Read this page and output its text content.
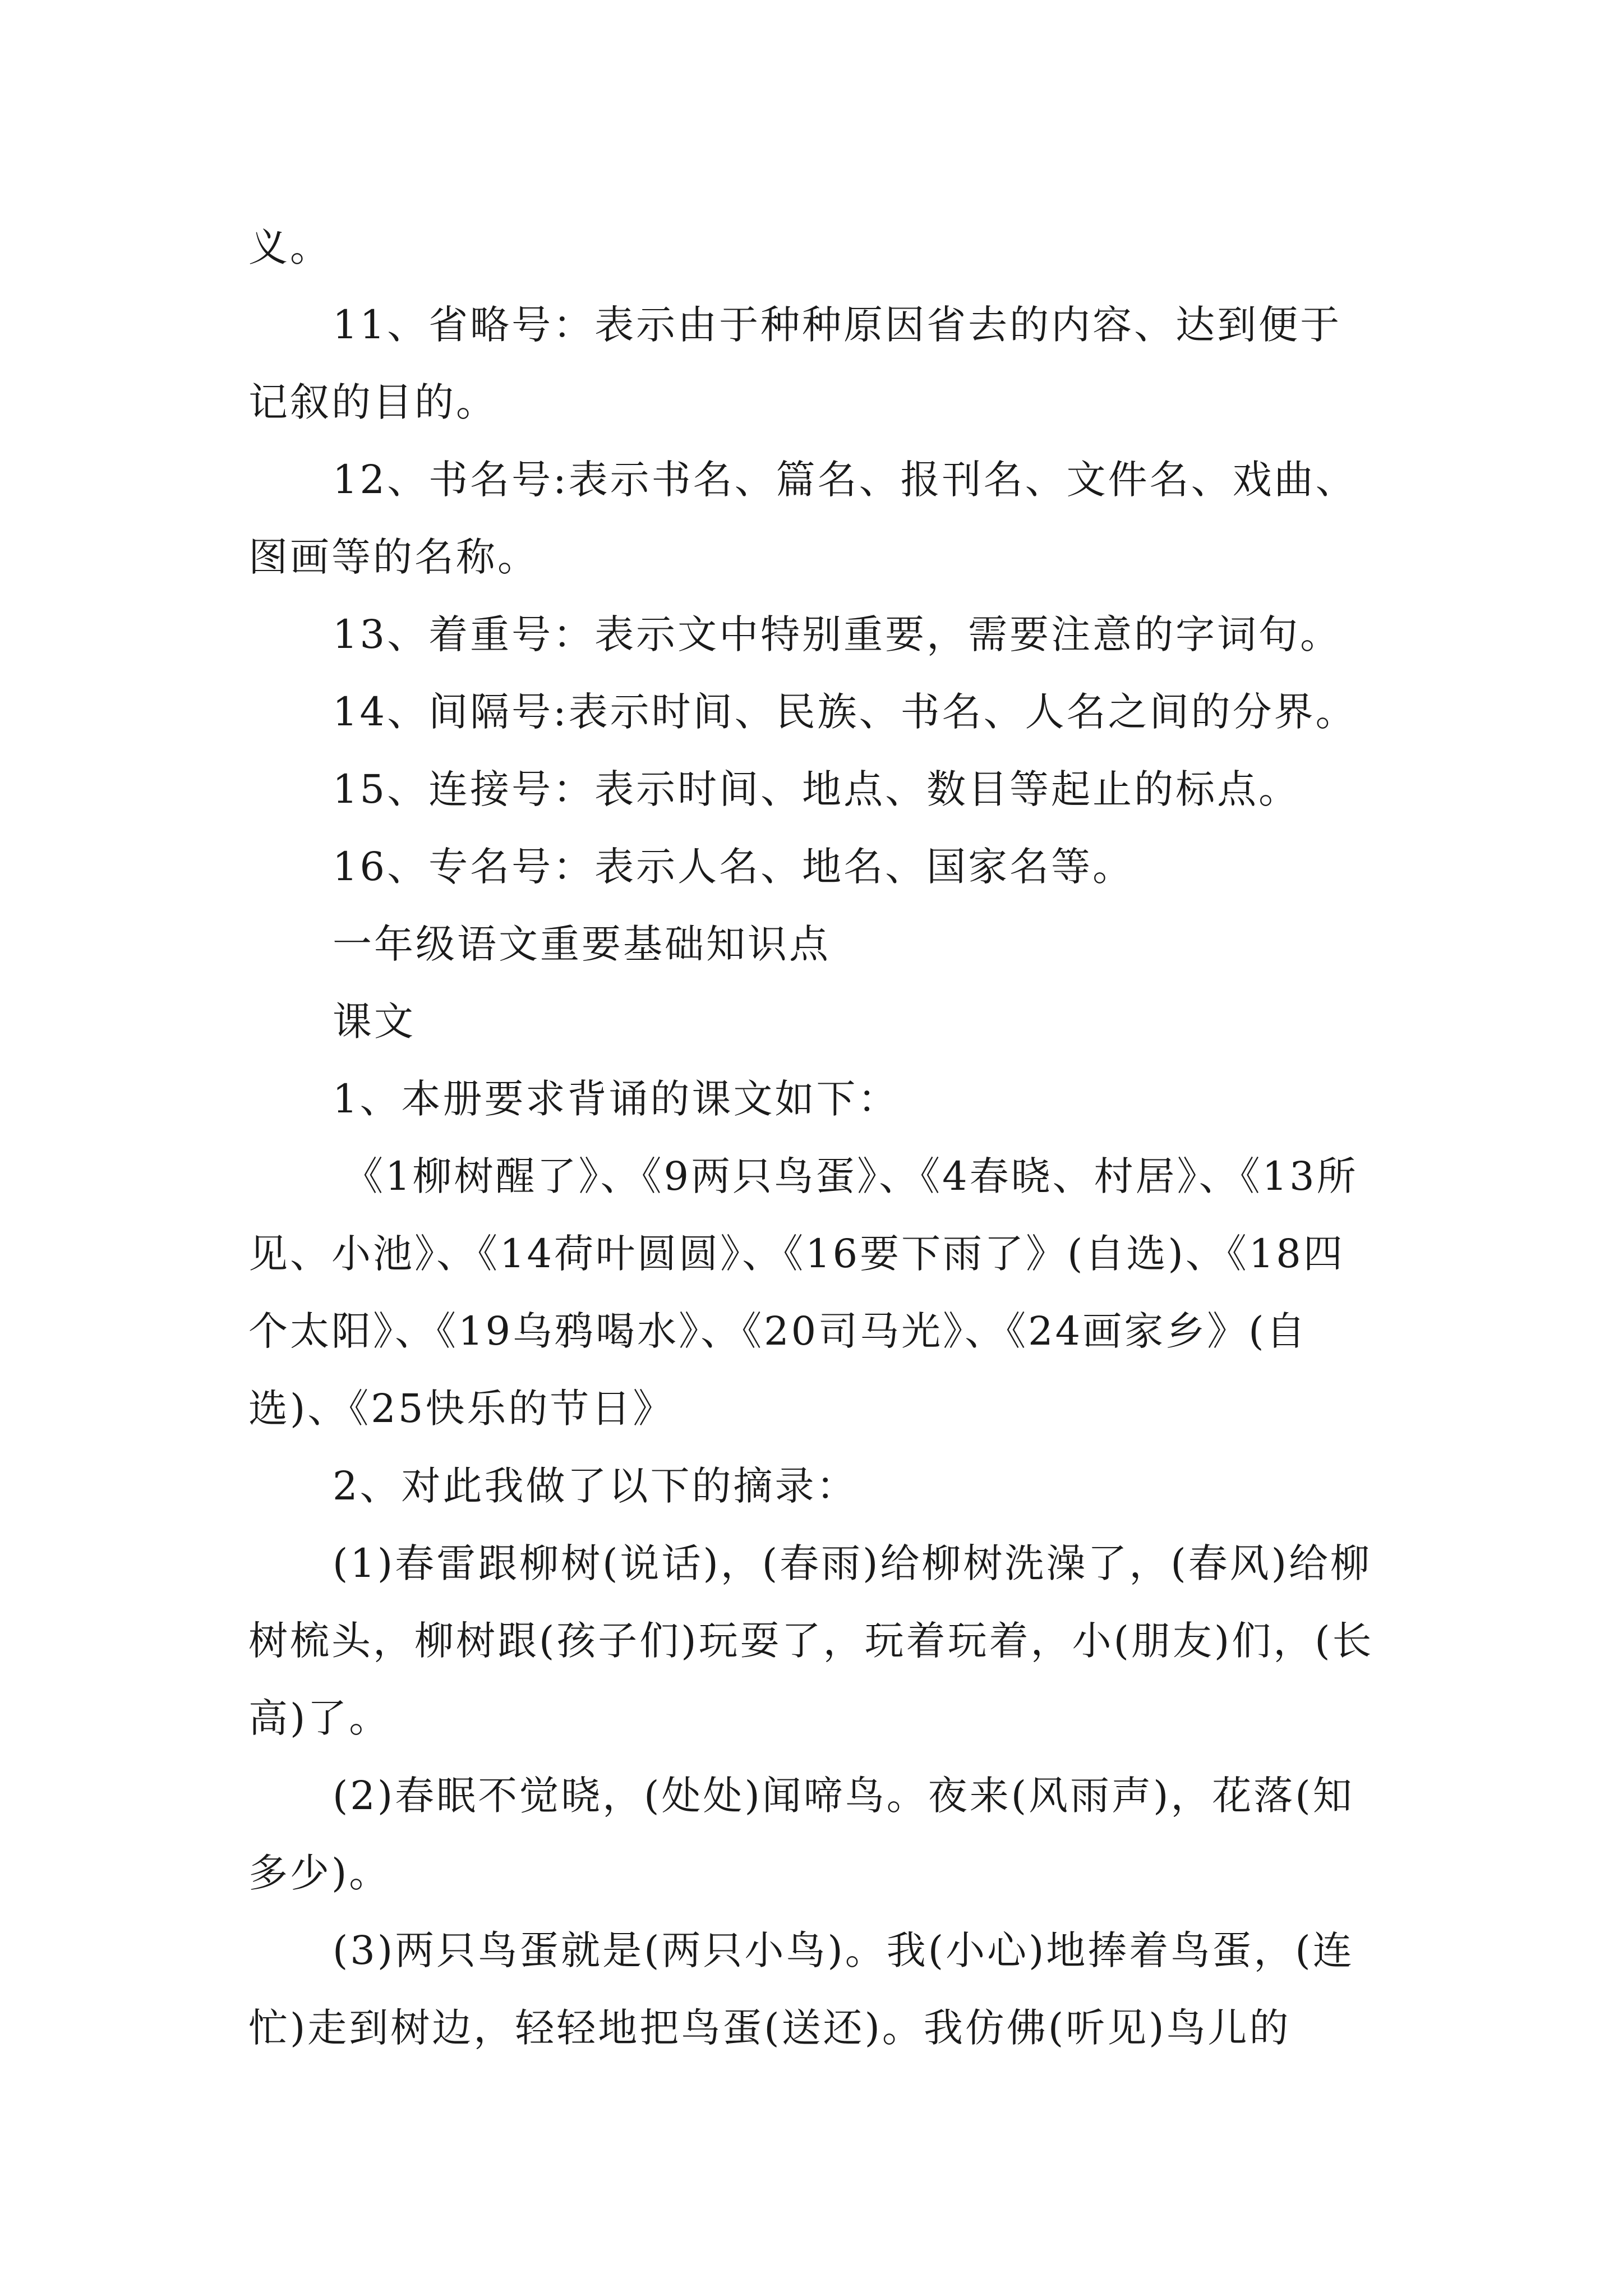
义。

11、省略号：表示由于种种原因省去的内容、达到便于记叙的目的。

12、书名号:表示书名、篇名、报刊名、文件名、戏曲、图画等的名称。

13、着重号：表示文中特别重要，需要注意的字词句。

14、间隔号:表示时间、民族、书名、人名之间的分界。

15、连接号：表示时间、地点、数目等起止的标点。

16、专名号：表示人名、地名、国家名等。

一年级语文重要基础知识点

课文

1、本册要求背诵的课文如下：

《1柳树醒了》、《9两只鸟蛋》、《4春晓、村居》、《13所见、小池》、《14荷叶圆圆》、《16要下雨了》(自选)、《18四个太阳》、《19乌鸦喝水》、《20司马光》、《24画家乡》(自选)、《25快乐的节日》

2、对此我做了以下的摘录：

(1)春雷跟柳树(说话)，(春雨)给柳树洗澡了，(春风)给柳树梳头，柳树跟(孩子们)玩耍了，玩着玩着，小(朋友)们，(长高)了。

(2)春眠不觉晓，(处处)闻啼鸟。夜来(风雨声)，花落(知多少)。

(3)两只鸟蛋就是(两只小鸟)。我(小心)地捧着鸟蛋，(连忙)走到树边，轻轻地把鸟蛋(送还)。我仿佛(听见)鸟儿的
